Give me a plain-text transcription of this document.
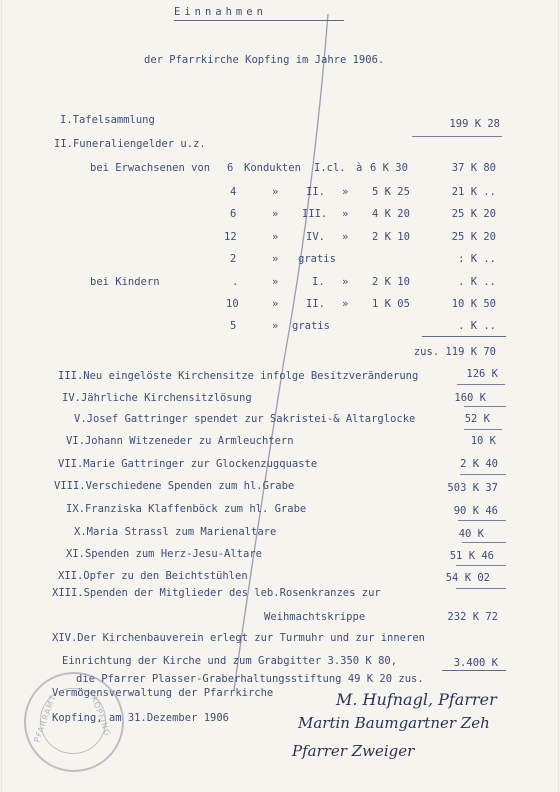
Einnahmen
der Pfarrkirche Kopfing im Jahre 1906.
I.Tafelsammlung	199 K 28
II.Funeraliengelder u.z.
bei Erwachsenen von 6 Kondukten I.cl. à 6 K 30	37 K 80
4	»	II. » 5 K 25	21 K ..
6	» III. » 4 K 20	25 K 20
12	»	IV. » 2 K 10	25 K 20
2	» gratis	: K ..
bei Kindern	.	»	I. » 2 K 10	. K ..
10	»	II. » 1 K 05	10 K 50
5	» gratis	. K ..
zus. 119 K 70
III.Neu eingelöste Kirchensitze infolge Besitzveränderung	126 K
IV.Jährliche Kirchensitzlösung	160 K
V.Josef Gattringer spendet zur Sakristei-& Altarglocke	52 K
VI.Johann Witzeneder zu Armleuchtern	10 K
VII.Marie Gattringer zur Glockenzugquaste	2 K 40
VIII.Verschiedene Spenden zum hl.Grabe	503 K 37
IX.Franziska Klaffenböck zum hl. Grabe	90 K 46
X.Maria Strassl zum Marienaltare	40 K
XI.Spenden zum Herz-Jesu-Altare	51 K 46
XII.Opfer zu den Beichtstühlen	54 K 02
XIII.Spenden der Mitglieder des leb.Rosenkranzes zur
Weihmachtskrippe	232 K 72
XIV.Der Kirchenbauverein erlegt zur Turmuhr und zur inneren
Einrichtung der Kirche und zum Grabgitter 3.350 K 80,	3.400 K
die Pfarrer Plasser-Graberhaltungsstiftung 49 K 20 zus.
Vermögensverwaltung der Pfarrkirche
Kopfing, am 31.Dezember 1906
PFARRAMT	KOPFING	M. Hufnagl, Pfarrer
Martin Baumgartner Zeh
Pfarrer Zweiger
